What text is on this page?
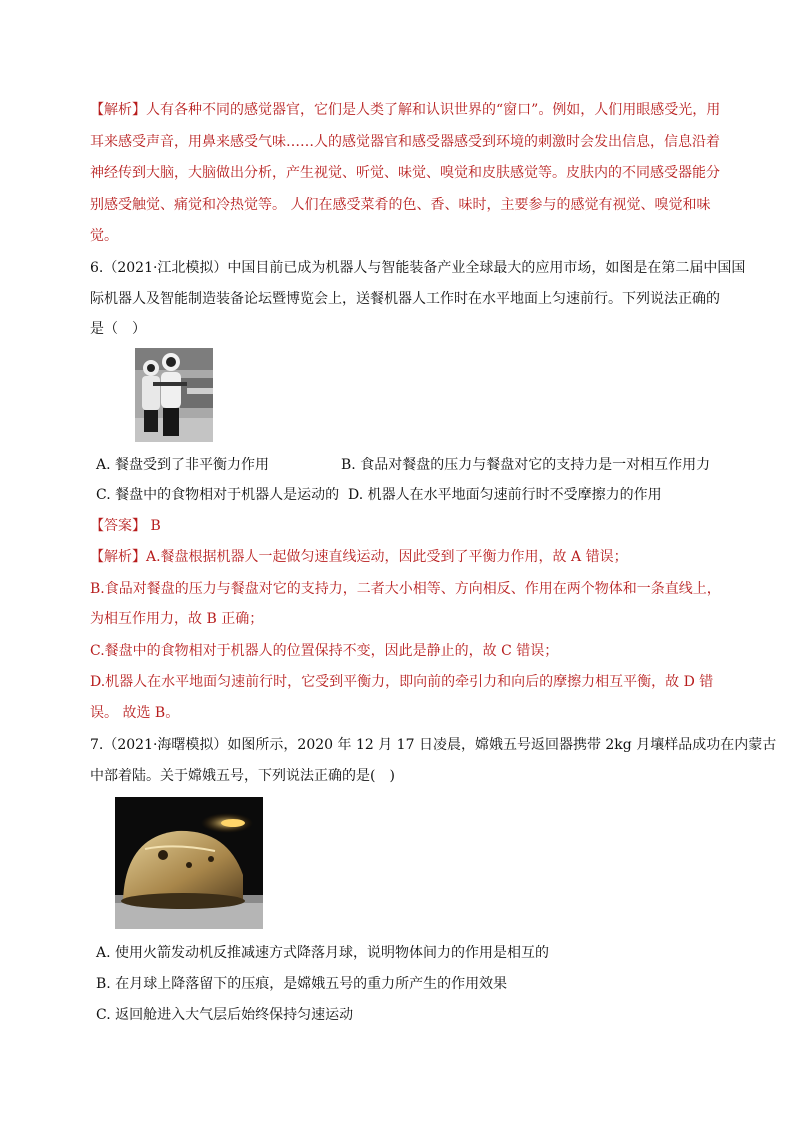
【解析】人有各种不同的感觉器官，它们是人类了解和认识世界的“窗口”。例如，人们用眼感受光，用
耳来感受声音，用鼻来感受气味……人的感觉器官和感受器感受到环境的刺激时会发出信息，信息沿着
神经传到大脑，大脑做出分析，产生视觉、听觉、味觉、嗅觉和皮肤感觉等。皮肤内的不同感受器能分
别感受触觉、痛觉和冷热觉等。 人们在感受菜肴的色、香、味时，主要参与的感觉有视觉、嗅觉和味
觉。
6.（2021·江北模拟）中国目前已成为机器人与智能装备产业全球最大的应用市场，如图是在第二届中国国
际机器人及智能制造装备论坛暨博览会上，送餐机器人工作时在水平地面上匀速前行。下列说法正确的
是（　）
A. 餐盘受到了非平衡力作用	B. 食品对餐盘的压力与餐盘对它的支持力是一对相互作用力
C. 餐盘中的食物相对于机器人是运动的 D. 机器人在水平地面匀速前行时不受摩擦力的作用
【答案】 B
【解析】A.餐盘根据机器人一起做匀速直线运动，因此受到了平衡力作用，故 A 错误；
B.食品对餐盘的压力与餐盘对它的支持力，二者大小相等、方向相反、作用在两个物体和一条直线上，
为相互作用力，故 B 正确；
C.餐盘中的食物相对于机器人的位置保持不变，因此是静止的，故 C 错误；
D.机器人在水平地面匀速前行时，它受到平衡力，即向前的牵引力和向后的摩擦力相互平衡，故 D 错
误。 故选 B。
7.（2021·海曙模拟）如图所示，2020 年 12 月 17 日凌晨，嫦娥五号返回器携带 2kg 月壤样品成功在内蒙古
中部着陆。关于嫦娥五号，下列说法正确的是(　)
A. 使用火箭发动机反推减速方式降落月球，说明物体间力的作用是相互的
B. 在月球上降落留下的压痕，是嫦娥五号的重力所产生的作用效果
C. 返回舱进入大气层后始终保持匀速运动
